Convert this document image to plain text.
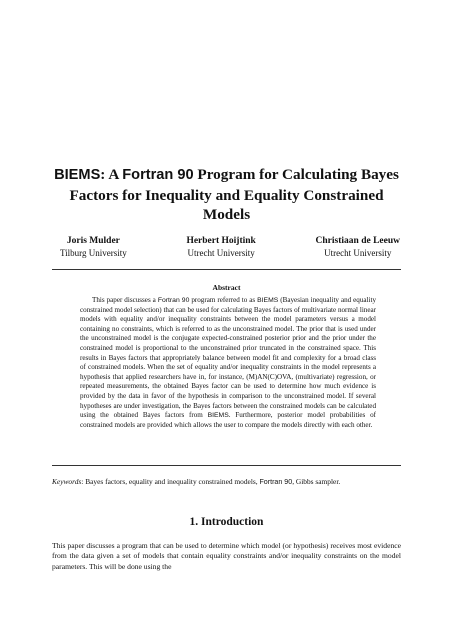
BIEMS: A Fortran 90 Program for Calculating Bayes
Factors for Inequality and Equality Constrained
Models
Joris Mulder
Tilburg University
Herbert Hoijtink
Utrecht University
Christiaan de Leeuw
Utrecht University
Abstract
This paper discusses a Fortran 90 program referred to as BIEMS (Bayesian inequality and equality constrained model selection) that can be used for calculating Bayes factors of multivariate normal linear models with equality and/or inequality constraints between the model parameters versus a model containing no constraints, which is referred to as the unconstrained model. The prior that is used under the unconstrained model is the conjugate expected-constrained posterior prior and the prior under the constrained model is proportional to the unconstrained prior truncated in the constrained space. This results in Bayes factors that appropriately balance between model fit and complexity for a broad class of constrained models. When the set of equality and/or inequality constraints in the model represents a hypothesis that applied researchers have in, for instance, (M)AN(C)OVA, (multivariate) regression, or repeated measurements, the obtained Bayes factor can be used to determine how much evidence is provided by the data in favor of the hypothesis in comparison to the unconstrained model. If several hypotheses are under investigation, the Bayes factors between the constrained models can be calculated using the obtained Bayes factors from BIEMS. Furthermore, posterior model probabilities of constrained models are provided which allows the user to compare the models directly with each other.
Keywords: Bayes factors, equality and inequality constrained models, Fortran 90, Gibbs sampler.
1. Introduction
This paper discusses a program that can be used to determine which model (or hypothesis) receives most evidence from the data given a set of models that contain equality constraints and/or inequality constraints on the model parameters. This will be done using the
